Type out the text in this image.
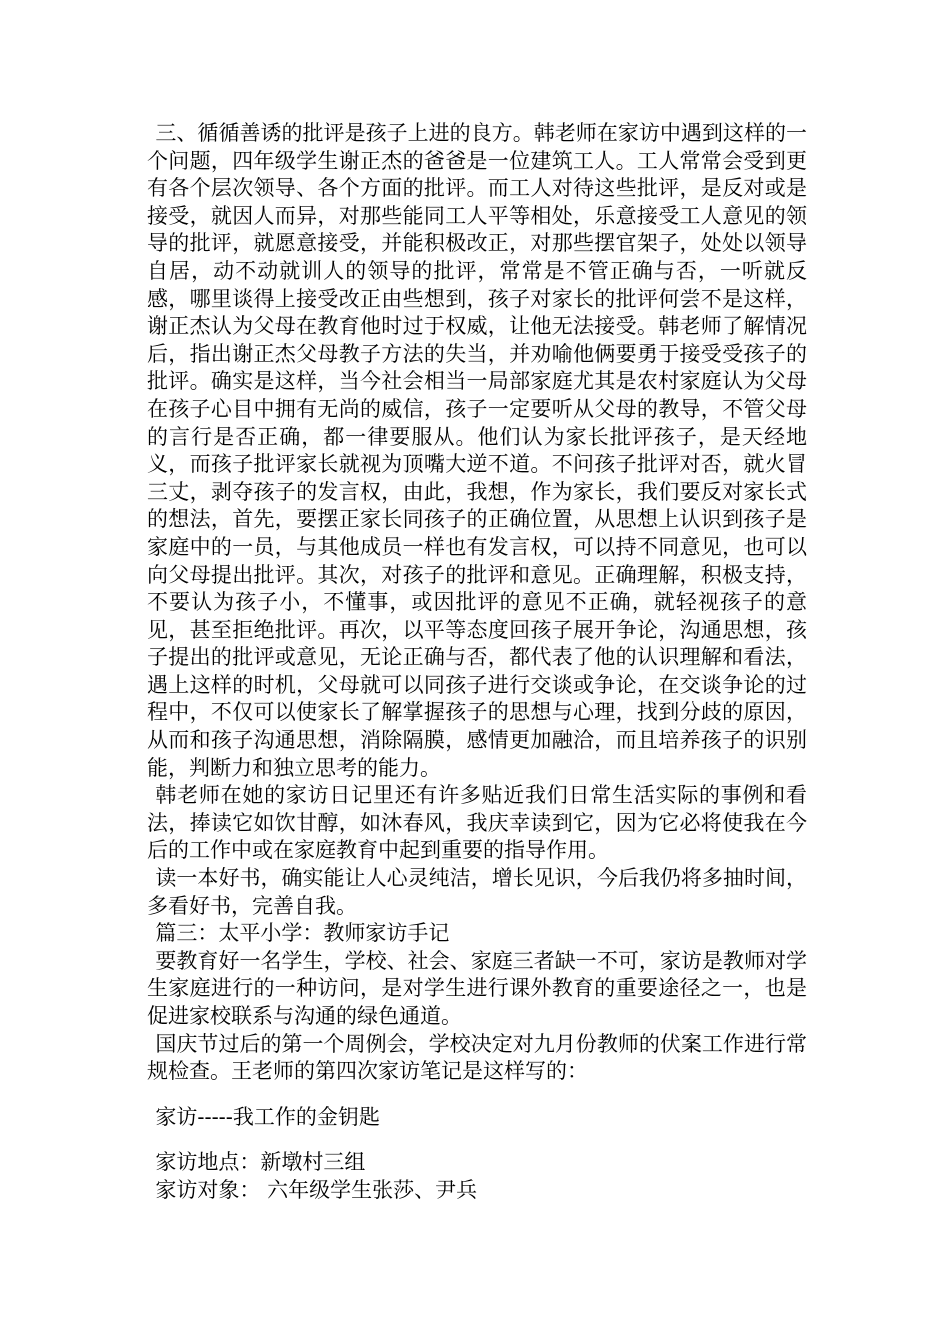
三、循循善诱的批评是孩子上进的良方。韩老师在家访中遇到这样的一个问题，四年级学生谢正杰的爸爸是一位建筑工人。工人常常会受到更有各个层次领导、各个方面的批评。而工人对待这些批评，是反对或是接受，就因人而异，对那些能同工人平等相处，乐意接受工人意见的领导的批评，就愿意接受，并能积极改正，对那些摆官架子，处处以领导自居，动不动就训人的领导的批评，常常是不管正确与否，一听就反感，哪里谈得上接受改正由些想到，孩子对家长的批评何尝不是这样，谢正杰认为父母在教育他时过于权威，让他无法接受。韩老师了解情况后，指出谢正杰父母教子方法的失当，并劝喻他俩要勇于接受受孩子的批评。确实是这样，当今社会相当一局部家庭尤其是农村家庭认为父母在孩子心目中拥有无尚的威信，孩子一定要听从父母的教导，不管父母的言行是否正确，都一律要服从。他们认为家长批评孩子，是天经地义，而孩子批评家长就视为顶嘴大逆不道。不问孩子批评对否，就火冒三丈，剥夺孩子的发言权，由此，我想，作为家长，我们要反对家长式的想法，首先，要摆正家长同孩子的正确位置，从思想上认识到孩子是家庭中的一员，与其他成员一样也有发言权，可以持不同意见，也可以向父母提出批评。其次，对孩子的批评和意见。正确理解，积极支持，不要认为孩子小，不懂事，或因批评的意见不正确，就轻视孩子的意见，甚至拒绝批评。再次，以平等态度回孩子展开争论，沟通思想，孩子提出的批评或意见，无论正确与否，都代表了他的认识理解和看法，遇上这样的时机，父母就可以同孩子进行交谈或争论，在交谈争论的过程中，不仅可以使家长了解掌握孩子的思想与心理，找到分歧的原因，从而和孩子沟通思想，消除隔膜，感情更加融洽，而且培养孩子的识别能，判断力和独立思考的能力。

韩老师在她的家访日记里还有许多贴近我们日常生活实际的事例和看法，捧读它如饮甘醇，如沐春风，我庆幸读到它，因为它必将使我在今后的工作中或在家庭教育中起到重要的指导作用。

读一本好书，确实能让人心灵纯洁，增长见识，今后我仍将多抽时间，多看好书，完善自我。

篇三：太平小学：教师家访手记

要教育好一名学生，学校、社会、家庭三者缺一不可，家访是教师对学生家庭进行的一种访问，是对学生进行课外教育的重要途径之一，也是促进家校联系与沟通的绿色通道。

国庆节过后的第一个周例会，学校决定对九月份教师的伏案工作进行常规检查。王老师的第四次家访笔记是这样写的：

家访-----我工作的金钥匙

家访地点：新墩村三组

家访对象： 六年级学生张莎、尹兵
